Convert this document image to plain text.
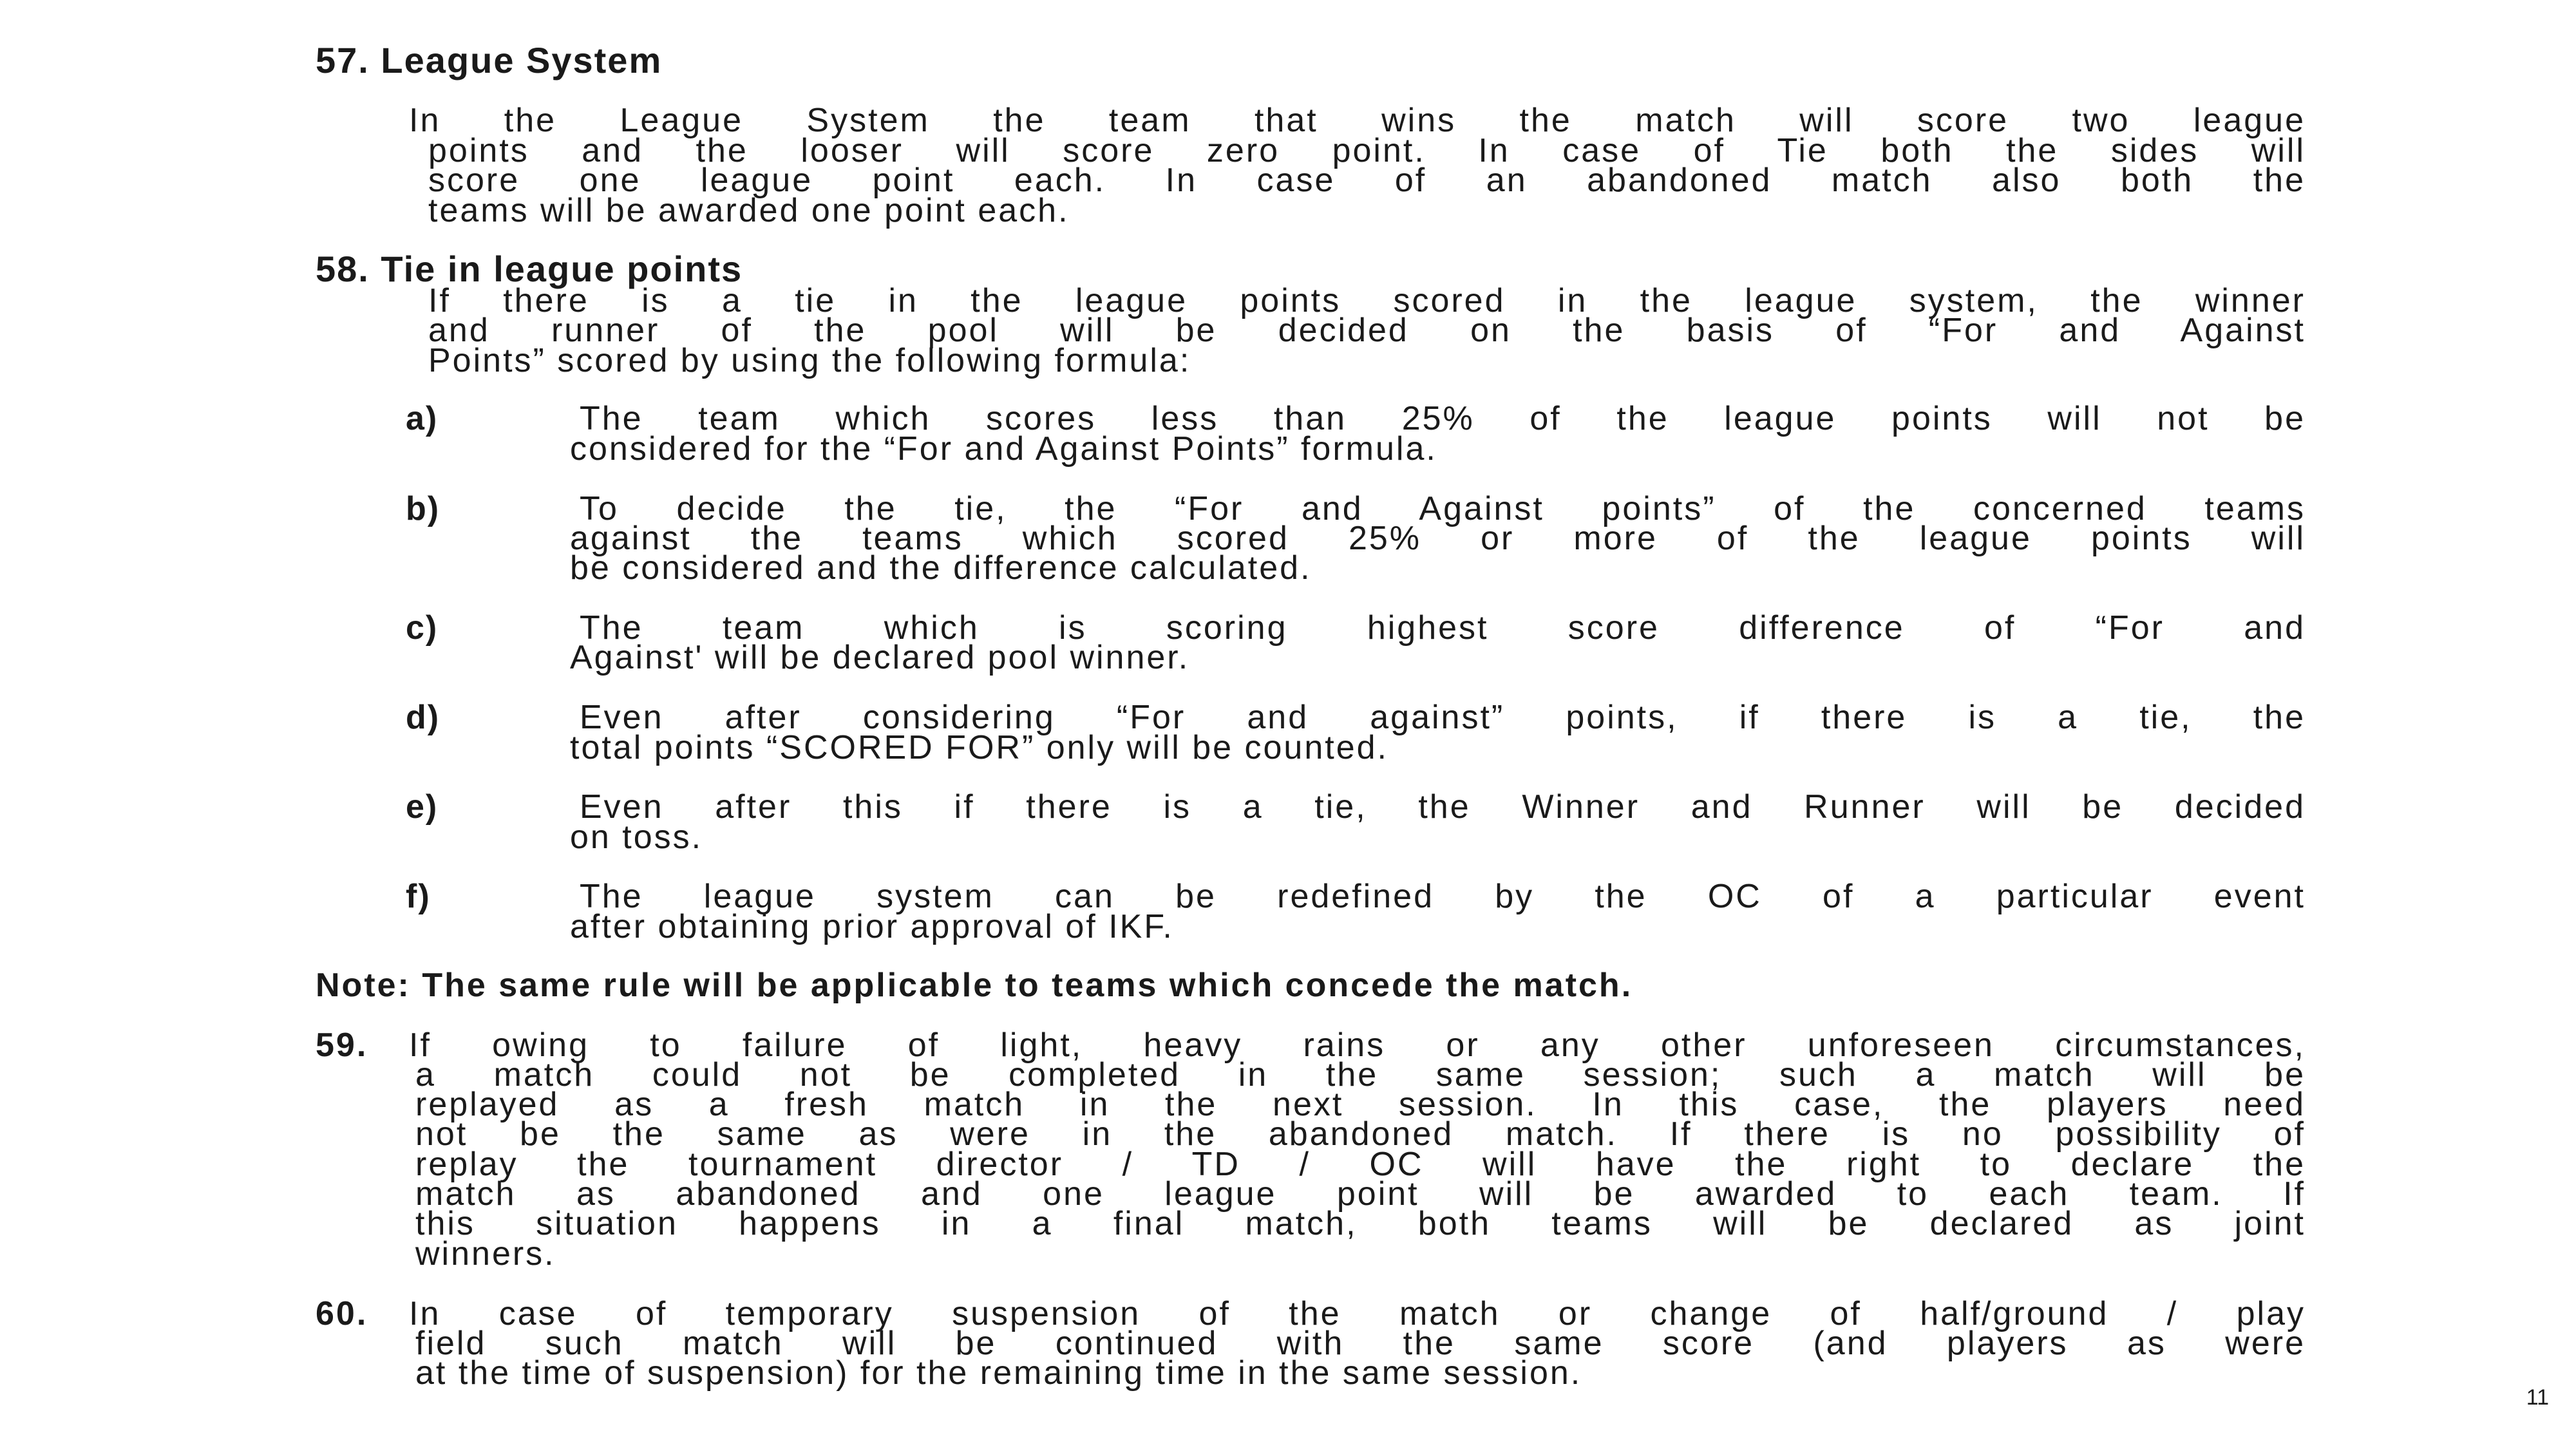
57. League System
In the League System the team that wins the match will score two league
points and the looser will score zero point. In case of Tie both the sides will
score one league point each. In case of an abandoned match also both the
teams will be awarded one point each.
58. Tie in league points
If there is a tie in the league points scored in the league system, the winner
and runner of the pool will be decided on the basis of “For and Against
Points” scored by using the following formula:
a)	The team which scores less than 25% of the league points will not be
considered for the “For and Against Points” formula.
b)	To decide the tie, the “For and Against points” of the concerned teams
against the teams which scored 25% or more of the league points will
be considered and the difference calculated.
c)	The team which is scoring highest score difference of “For and
Against' will be declared pool winner.
d)	Even after considering “For and against” points, if there is a tie, the
total points “SCORED FOR” only will be counted.
e)	Even after this if there is a tie, the Winner and Runner will be decided
on toss.
f)	The league system can be redefined by the OC of a particular event
after obtaining prior approval of IKF.
Note: The same rule will be applicable to teams which concede the match.
59. If owing to failure of light, heavy rains or any other unforeseen circumstances,
a match could not be completed in the same session; such a match will be
replayed as a fresh match in the next session. In this case, the players need
not be the same as were in the abandoned match. If there is no possibility of
replay the tournament director / TD / OC will have the right to declare the
match as abandoned and one league point will be awarded to each team. If
this situation happens in a final match, both teams will be declared as joint
winners.
60. In case of temporary suspension of the match or change of half/ground / play
field such match will be continued with the same score (and players as were
at the time of suspension) for the remaining time in the same session.
11
